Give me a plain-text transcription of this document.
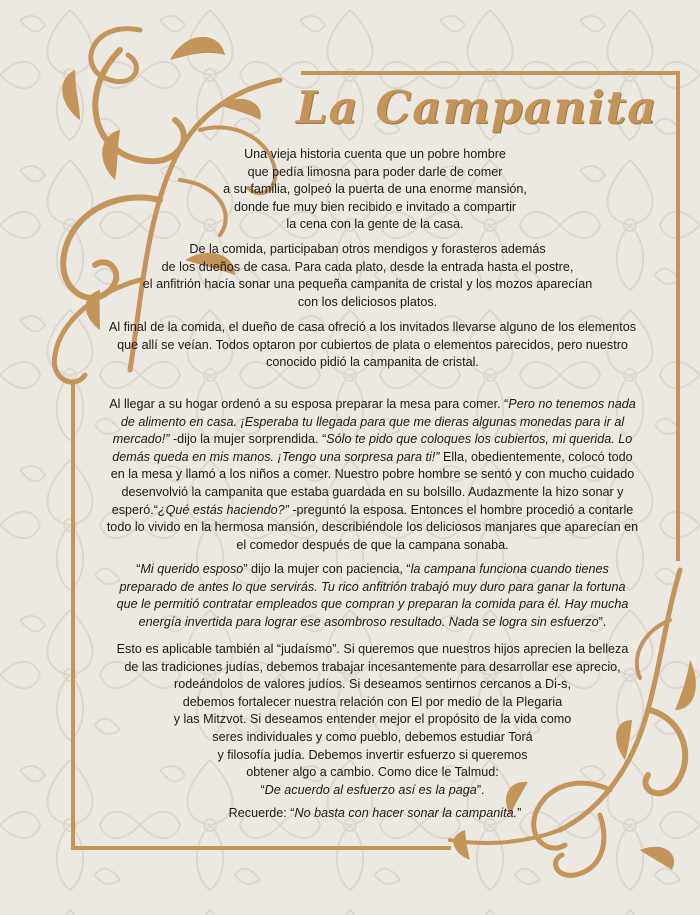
La Campanita
Una vieja historia cuenta que un pobre hombre
que pedía limosna para poder darle de comer
a su familia, golpeó la puerta de una enorme mansión,
donde fue muy bien recibido e invitado a compartir
la cena con la gente de la casa.
De la comida, participaban otros mendigos y forasteros además
de los dueños de casa. Para cada plato, desde la entrada hasta el postre,
el anfitrión hacía sonar una pequeña campanita de cristal y los mozos aparecían
con los deliciosos platos.
Al final de la comida, el dueño de casa ofreció a los invitados llevarse alguno de los elementos
que allí se veían. Todos optaron por cubiertos de plata o elementos parecidos, pero nuestro
conocido pidió la campanita de cristal.
Al llegar a su hogar ordenó a su esposa preparar la mesa para comer. “Pero no tenemos nada
de alimento en casa. ¡Esperaba tu llegada para que me dieras algunas monedas para ir al
mercado!” -dijo la mujer sorprendida. “Sólo te pido que coloques los cubiertos, mi querida. Lo
demás queda en mis manos. ¡Tengo una sorpresa para ti!” Ella, obedientemente, colocó todo
en la mesa y llamó a los niños a comer. Nuestro pobre hombre se sentó y con mucho cuidado
desenvolvió la campanita que estaba guardada en su bolsillo. Audazmente la hizo sonar y
esperó.“¿Qué estás haciendo?” -preguntó la esposa. Entonces el hombre procedió a contarle
todo lo vivido en la hermosa mansión, describiéndole los deliciosos manjares que aparecían en
el comedor después de que la campana sonaba.
“Mi querido esposo” dijo la mujer con paciencia, “la campana funciona cuando tienes
preparado de antes lo que servirás. Tu rico anfitrión trabajó muy duro para ganar la fortuna
que le permitió contratar empleados que compran y preparan la comida para él. Hay mucha
energía invertida para lograr ese asombroso resultado. Nada se logra sin esfuerzo”.
Esto es aplicable también al “judaísmo”. Si queremos que nuestros hijos aprecien la belleza
de las tradiciones judías, debemos trabajar incesantemente para desarrollar ese aprecio,
rodeándolos de valores judíos. Si deseamos sentirnos cercanos a Di-s,
debemos fortalecer nuestra relación con El por medio de la Plegaria
y las Mitzvot. Si deseamos entender mejor el propósito de la vida como
seres individuales y como pueblo, debemos estudiar Torá
y filosofía judía. Debemos invertir esfuerzo si queremos
obtener algo a cambio. Como dice le Talmud:
“De acuerdo al esfuerzo así es la paga”.
Recuerde: “No basta con hacer sonar la campanita.”
